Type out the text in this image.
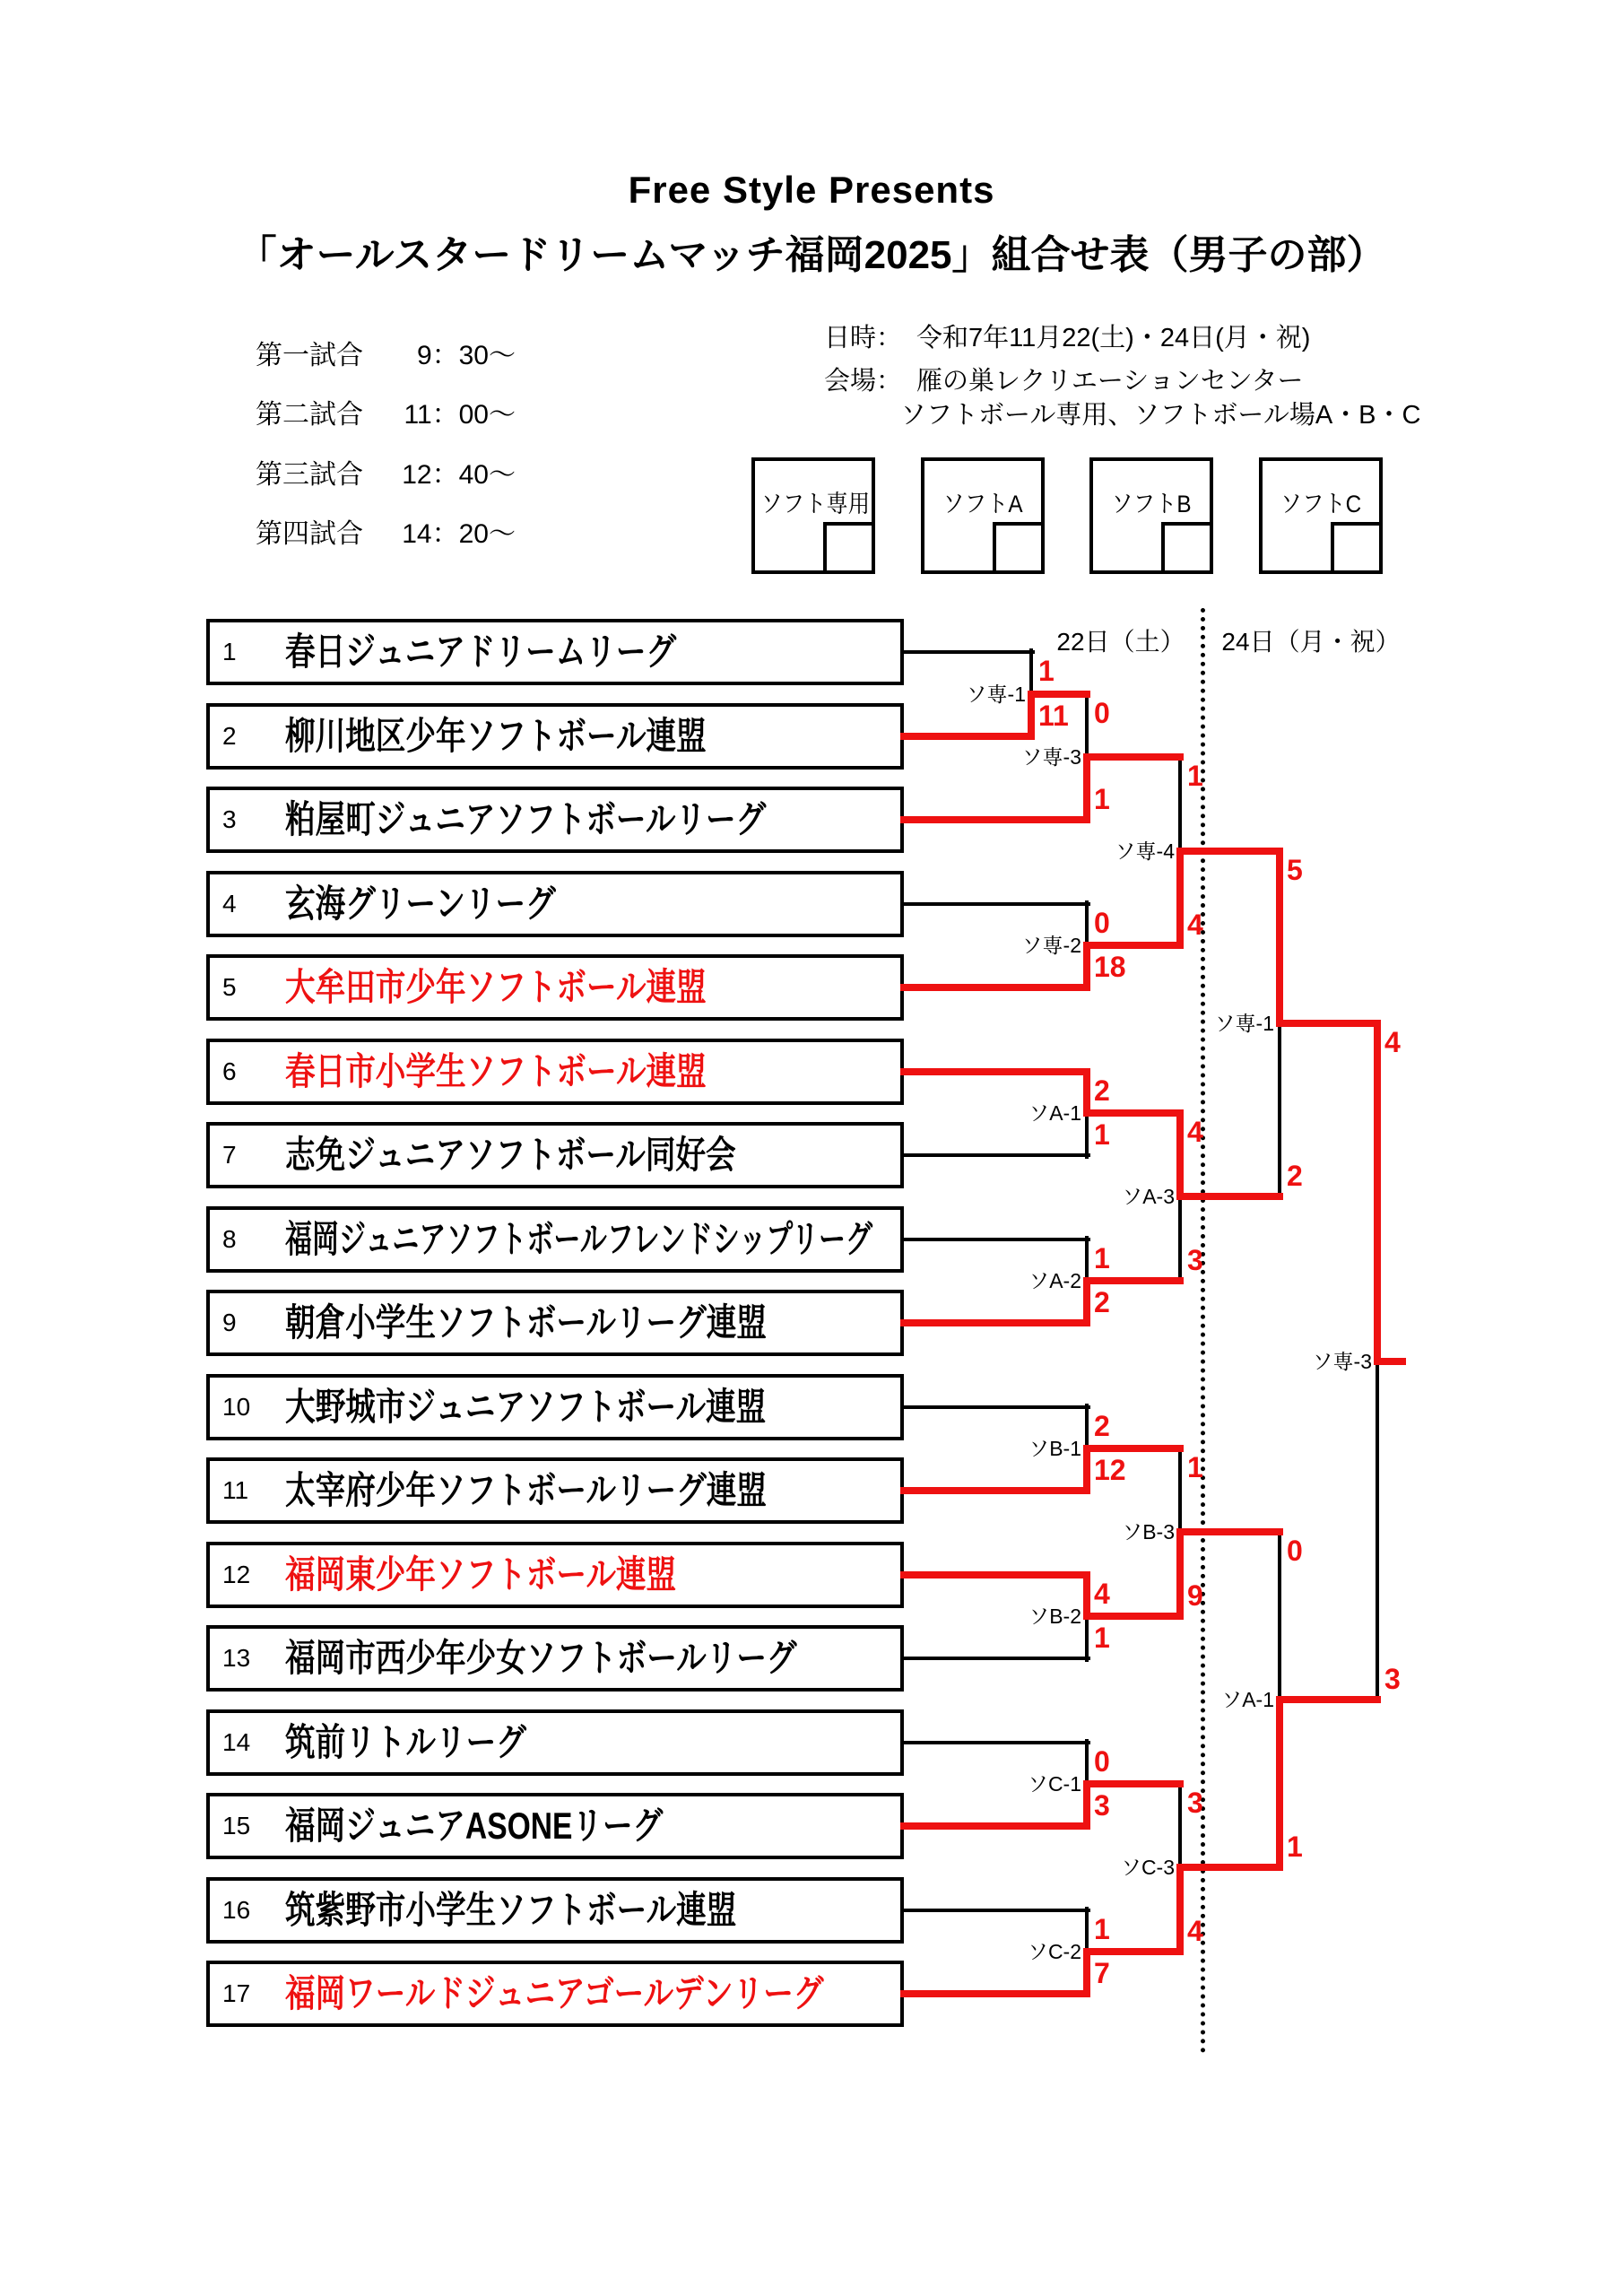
Free Style Presents
「オールスタードリームマッチ福岡2025」組合せ表（男子の部）
第一試合	9：30～
第二試合	11：00～
第三試合	12：40～
第四試合	14：20～
日時： 令和7年11月22(土)・24日(月・祝)
会場： 雁の巣レクリエーションセンター
ソフトボール専用、ソフトボール場A・B・C
ソフト専用	ソフトA	ソフトB	ソフトC
22日（土）	24日（月・祝）
1 春日ジュニアドリームリーグ
2 柳川地区少年ソフトボール連盟
3 粕屋町ジュニアソフトボールリーグ
4 玄海グリーンリーグ
5 大牟田市少年ソフトボール連盟
6 春日市小学生ソフトボール連盟
7 志免ジュニアソフトボール同好会
8 福岡ジュニアソフトボールフレンドシップリーグ
9 朝倉小学生ソフトボールリーグ連盟
10 大野城市ジュニアソフトボール連盟
11 太宰府少年ソフトボールリーグ連盟
12 福岡東少年ソフトボール連盟
13 福岡市西少年少女ソフトボールリーグ
14 筑前リトルリーグ
15 福岡ジュニアASONEリーグ
16 筑紫野市小学生ソフトボール連盟
17 福岡ワールドジュニアゴールデンリーグ
ソ専-1
1
11
ソ専-3
0
1
ソ専-2
0
18
ソ専-4
1
4
ソA-1
2
1
ソA-2
1
2
ソA-3
4
3
ソB-1
2
12
ソB-2
4
1
ソB-3
1
9
ソC-1
0
3
ソC-2
1
7
ソC-3
3
4
ソ専-1
5
2
ソA-1
0
1
ソ専-3
4
3
